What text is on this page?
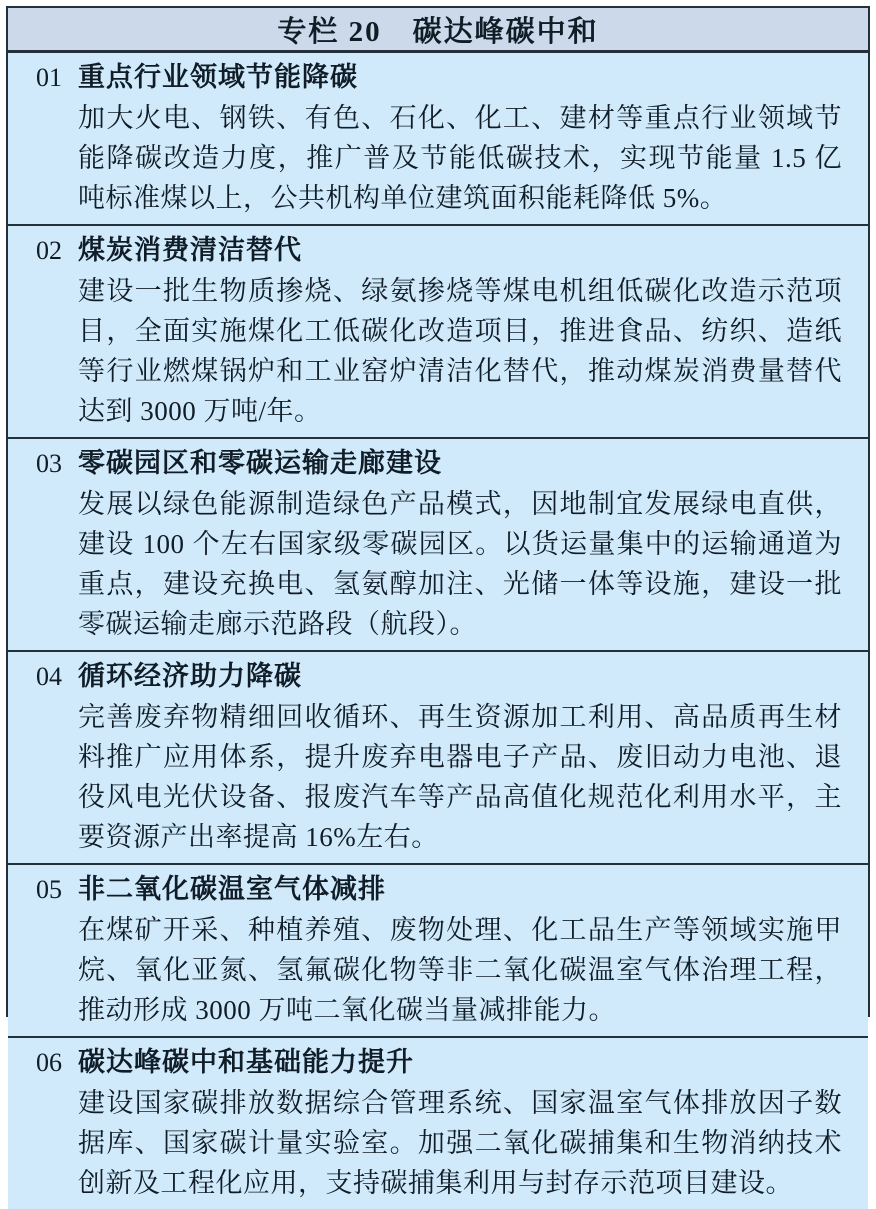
专栏 20　碳达峰碳中和
01 重点行业领域节能降碳
加大火电、钢铁、有色、石化、化工、建材等重点行业领域节能降碳改造力度，推广普及节能低碳技术，实现节能量 1.5 亿吨标准煤以上，公共机构单位建筑面积能耗降低 5%。
02 煤炭消费清洁替代
建设一批生物质掺烧、绿氨掺烧等煤电机组低碳化改造示范项目，全面实施煤化工低碳化改造项目，推进食品、纺织、造纸等行业燃煤锅炉和工业窑炉清洁化替代，推动煤炭消费量替代达到 3000 万吨/年。
03 零碳园区和零碳运输走廊建设
发展以绿色能源制造绿色产品模式，因地制宜发展绿电直供，建设 100 个左右国家级零碳园区。以货运量集中的运输通道为重点，建设充换电、氢氨醇加注、光储一体等设施，建设一批零碳运输走廊示范路段（航段）。
04 循环经济助力降碳
完善废弃物精细回收循环、再生资源加工利用、高品质再生材料推广应用体系，提升废弃电器电子产品、废旧动力电池、退役风电光伏设备、报废汽车等产品高值化规范化利用水平，主要资源产出率提高 16%左右。
05 非二氧化碳温室气体减排
在煤矿开采、种植养殖、废物处理、化工品生产等领域实施甲烷、氧化亚氮、氢氟碳化物等非二氧化碳温室气体治理工程，推动形成 3000 万吨二氧化碳当量减排能力。
06 碳达峰碳中和基础能力提升
建设国家碳排放数据综合管理系统、国家温室气体排放因子数据库、国家碳计量实验室。加强二氧化碳捕集和生物消纳技术创新及工程化应用，支持碳捕集利用与封存示范项目建设。
